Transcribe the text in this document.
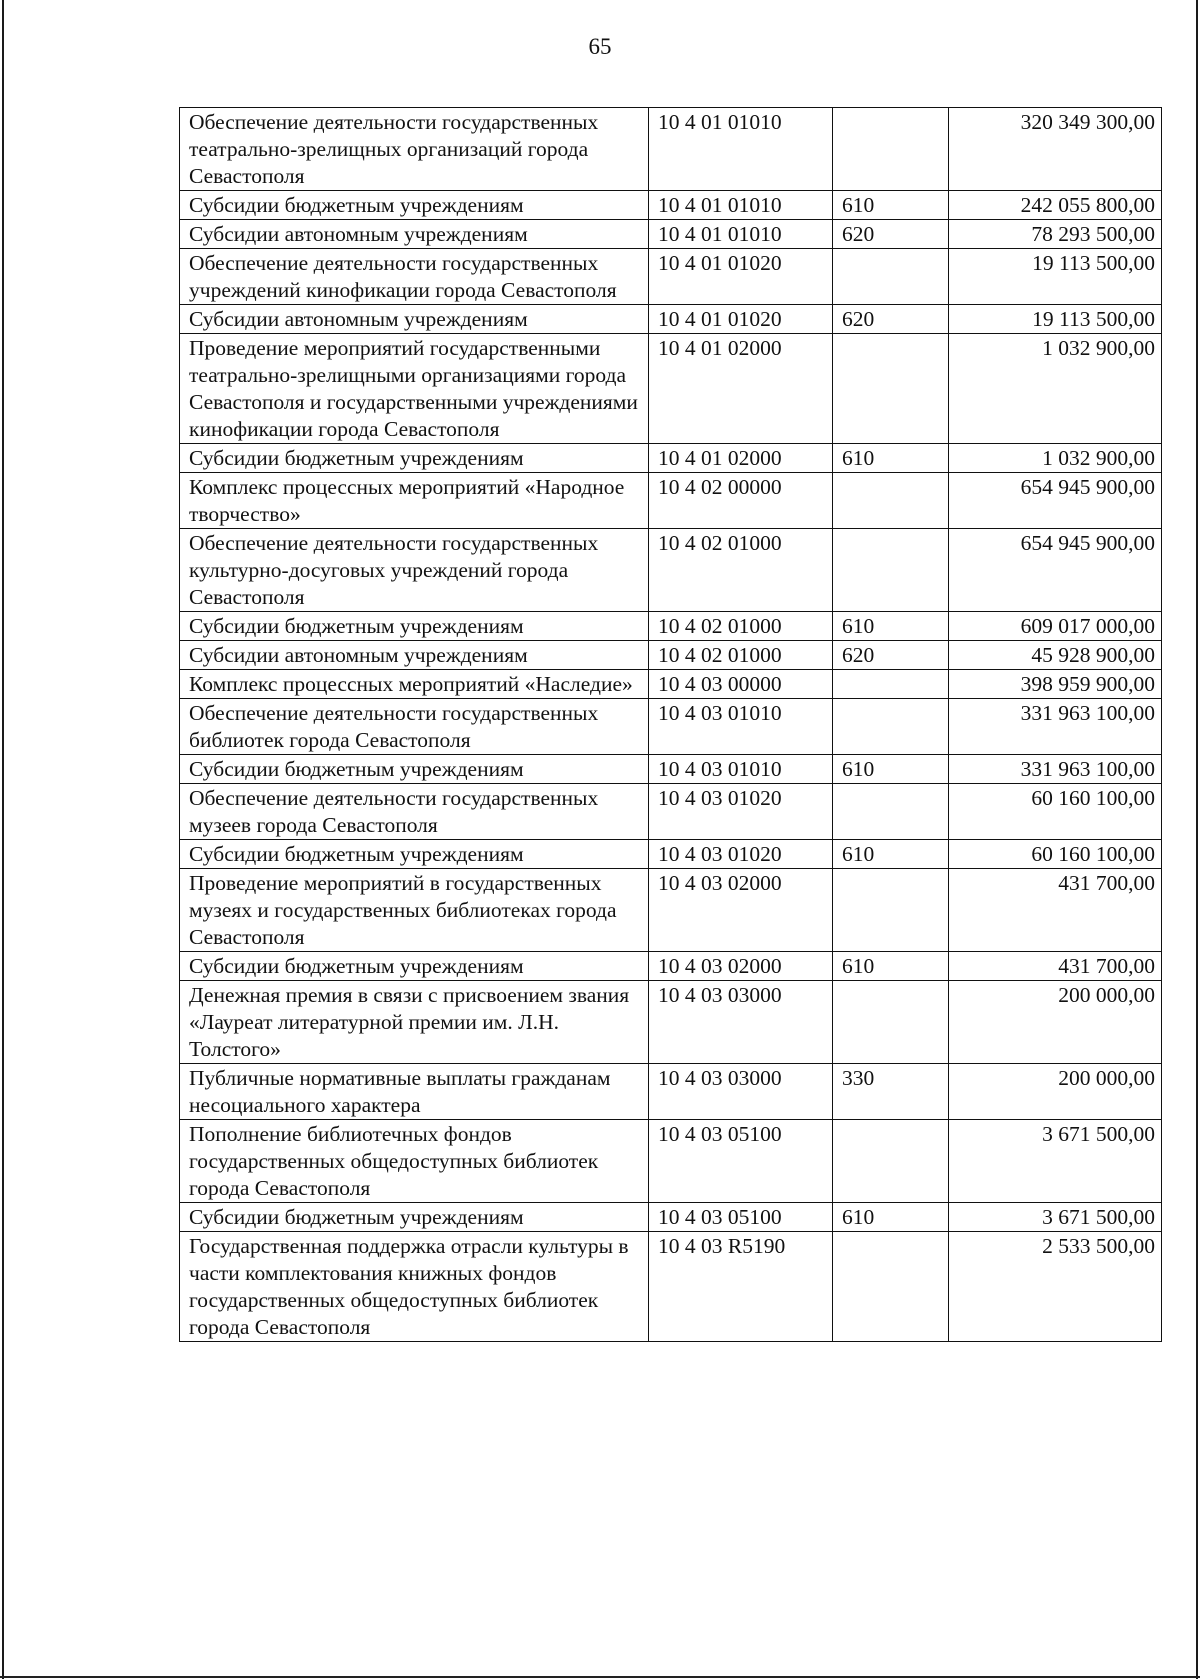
65
Обеспечение деятельности государственных театрально-зрелищных организаций города Севастополя	10 4 01 01010		320 349 300,00
Субсидии бюджетным учреждениям	10 4 01 01010	610	242 055 800,00
Субсидии автономным учреждениям	10 4 01 01010	620	78 293 500,00
Обеспечение деятельности государственных учреждений кинофикации города Севастополя	10 4 01 01020		19 113 500,00
Субсидии автономным учреждениям	10 4 01 01020	620	19 113 500,00
Проведение мероприятий государственными театрально-зрелищными организациями города Севастополя и государственными учреждениями кинофикации города Севастополя	10 4 01 02000		1 032 900,00
Субсидии бюджетным учреждениям	10 4 01 02000	610	1 032 900,00
Комплекс процессных мероприятий «Народное творчество»	10 4 02 00000		654 945 900,00
Обеспечение деятельности государственных культурно-досуговых учреждений города Севастополя	10 4 02 01000		654 945 900,00
Субсидии бюджетным учреждениям	10 4 02 01000	610	609 017 000,00
Субсидии автономным учреждениям	10 4 02 01000	620	45 928 900,00
Комплекс процессных мероприятий «Наследие»	10 4 03 00000		398 959 900,00
Обеспечение деятельности государственных библиотек города Севастополя	10 4 03 01010		331 963 100,00
Субсидии бюджетным учреждениям	10 4 03 01010	610	331 963 100,00
Обеспечение деятельности государственных музеев города Севастополя	10 4 03 01020		60 160 100,00
Субсидии бюджетным учреждениям	10 4 03 01020	610	60 160 100,00
Проведение мероприятий в государственных музеях и государственных библиотеках города Севастополя	10 4 03 02000		431 700,00
Субсидии бюджетным учреждениям	10 4 03 02000	610	431 700,00
Денежная премия в связи с присвоением звания «Лауреат литературной премии им. Л.Н. Толстого»	10 4 03 03000		200 000,00
Публичные нормативные выплаты гражданам несоциального характера	10 4 03 03000	330	200 000,00
Пополнение библиотечных фондов государственных общедоступных библиотек города Севастополя	10 4 03 05100		3 671 500,00
Субсидии бюджетным учреждениям	10 4 03 05100	610	3 671 500,00
Государственная поддержка отрасли культуры в части комплектования книжных фондов государственных общедоступных библиотек города Севастополя	10 4 03 R5190		2 533 500,00
